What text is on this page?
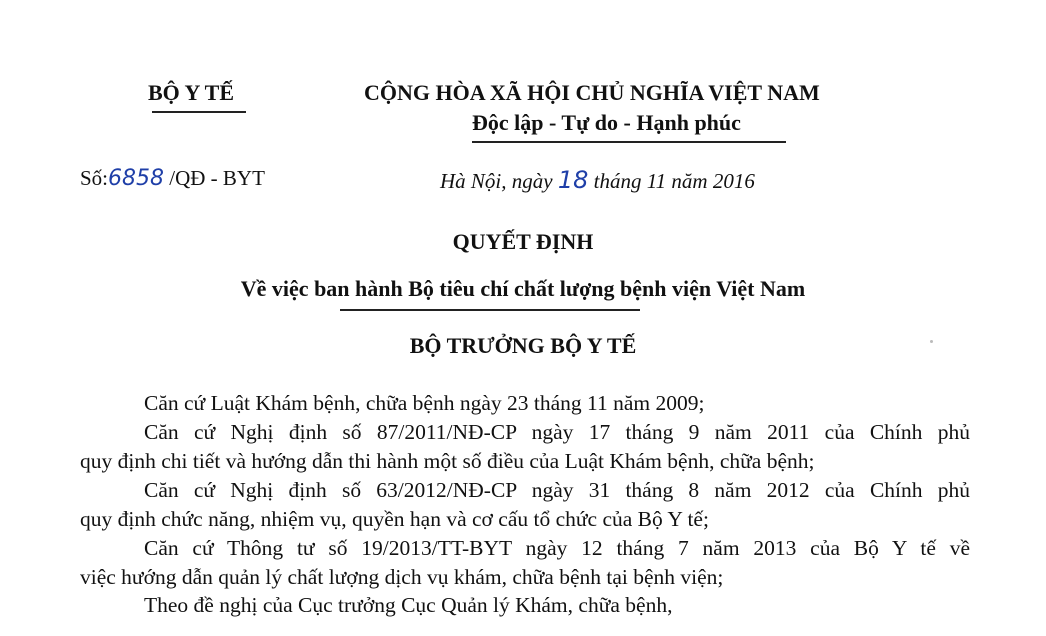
BỘ Y TẾ	CỘNG HÒA XÃ HỘI CHỦ NGHĨA VIỆT NAM
Độc lập - Tự do - Hạnh phúc
Số:6858 /QĐ - BYT	Hà Nội, ngày 18 tháng 11 năm 2016
QUYẾT ĐỊNH
Về việc ban hành Bộ tiêu chí chất lượng bệnh viện Việt Nam
BỘ TRƯỞNG BỘ Y TẾ
Căn cứ Luật Khám bệnh, chữa bệnh ngày 23 tháng 11 năm 2009;
Căn cứ Nghị định số 87/2011/NĐ-CP ngày 17 tháng 9 năm 2011 của Chính phủ
quy định chi tiết và hướng dẫn thi hành một số điều của Luật Khám bệnh, chữa bệnh;
Căn cứ Nghị định số 63/2012/NĐ-CP ngày 31 tháng 8 năm 2012 của Chính phủ
quy định chức năng, nhiệm vụ, quyền hạn và cơ cấu tổ chức của Bộ Y tế;
Căn cứ Thông tư số 19/2013/TT-BYT ngày 12 tháng 7 năm 2013 của Bộ Y tế về
việc hướng dẫn quản lý chất lượng dịch vụ khám, chữa bệnh tại bệnh viện;
Theo đề nghị của Cục trưởng Cục Quản lý Khám, chữa bệnh,
